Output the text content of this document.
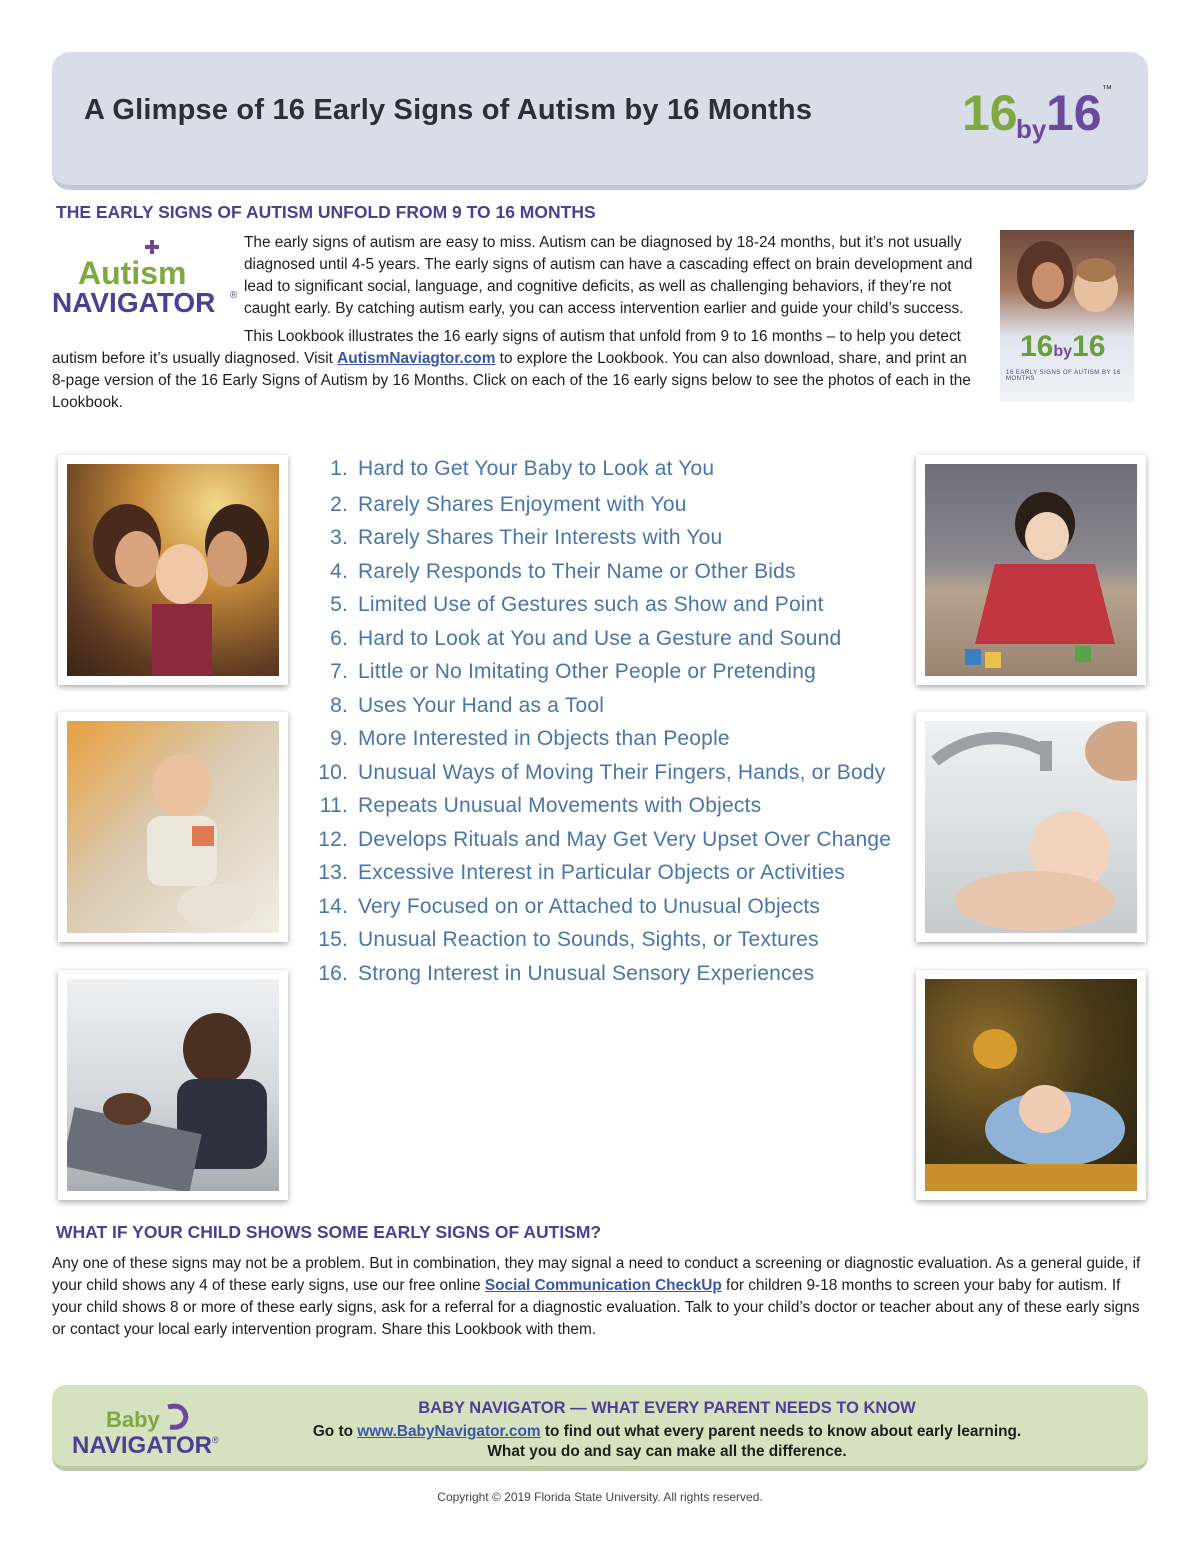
A Glimpse of 16 Early Signs of Autism by 16 Months	16
by 16 ™
THE EARLY SIGNS OF AUTISM UNFOLD FROM 9 TO 16 MONTHS

Autism
NAVIGATOR ®
The early signs of autism are easy to miss. Autism can be diagnosed by 18-24 months, but it’s not usually diagnosed until 4-5 years. The early signs of autism can have a cascading effect on brain development and lead to significant social, language, and cognitive deficits, as well as challenging behaviors, if they’re not caught early. By catching autism early, you can access intervention earlier and guide your child’s success.

This Lookbook illustrates the 16 early signs of autism that unfold from 9 to 16 months – to help you detect autism before it’s usually diagnosed. Visit AutismNaviagtor.com to explore the Lookbook. You can also download, share, and print an 8-page version of the 16 Early Signs of Autism by 16 Months. Click on each of the 16 early signs below to see the photos of each in the Lookbook.

16by16
16 EARLY SIGNS OF AUTISM BY 16 MONTHS
1. Hard to Get Your Baby to Look at You
2. Rarely Shares Enjoyment with You
3. Rarely Shares Their Interests with You
4. Rarely Responds to Their Name or Other Bids
5. Limited Use of Gestures such as Show and Point
6. Hard to Look at You and Use a Gesture and Sound
7. Little or No Imitating Other People or Pretending
8. Uses Your Hand as a Tool
9. More Interested in Objects than People
10. Unusual Ways of Moving Their Fingers, Hands, or Body
11. Repeats Unusual Movements with Objects
12. Develops Rituals and May Get Very Upset Over Change
13. Excessive Interest in Particular Objects or Activities
14. Very Focused on or Attached to Unusual Objects
15. Unusual Reaction to Sounds, Sights, or Textures
16. Strong Interest in Unusual Sensory Experiences
WHAT IF YOUR CHILD SHOWS SOME EARLY SIGNS OF AUTISM?
Any one of these signs may not be a problem. But in combination, they may signal a need to conduct a screening or diagnostic evaluation. As a general guide, if your child shows any 4 of these early signs, use our free online Social Communication CheckUp for children 9-18 months to screen your baby for autism. If your child shows 8 or more of these early signs, ask for a referral for a diagnostic evaluation. Talk to your child’s doctor or teacher about any of these early signs or contact your local early intervention program. Share this Lookbook with them.
Baby
NAVIGATOR ®
BABY NAVIGATOR — WHAT EVERY PARENT NEEDS TO KNOW
Go to www.BabyNavigator.com to find out what every parent needs to know about early learning.
What you do and say can make all the difference.
Copyright © 2019 Florida State University. All rights reserved.
